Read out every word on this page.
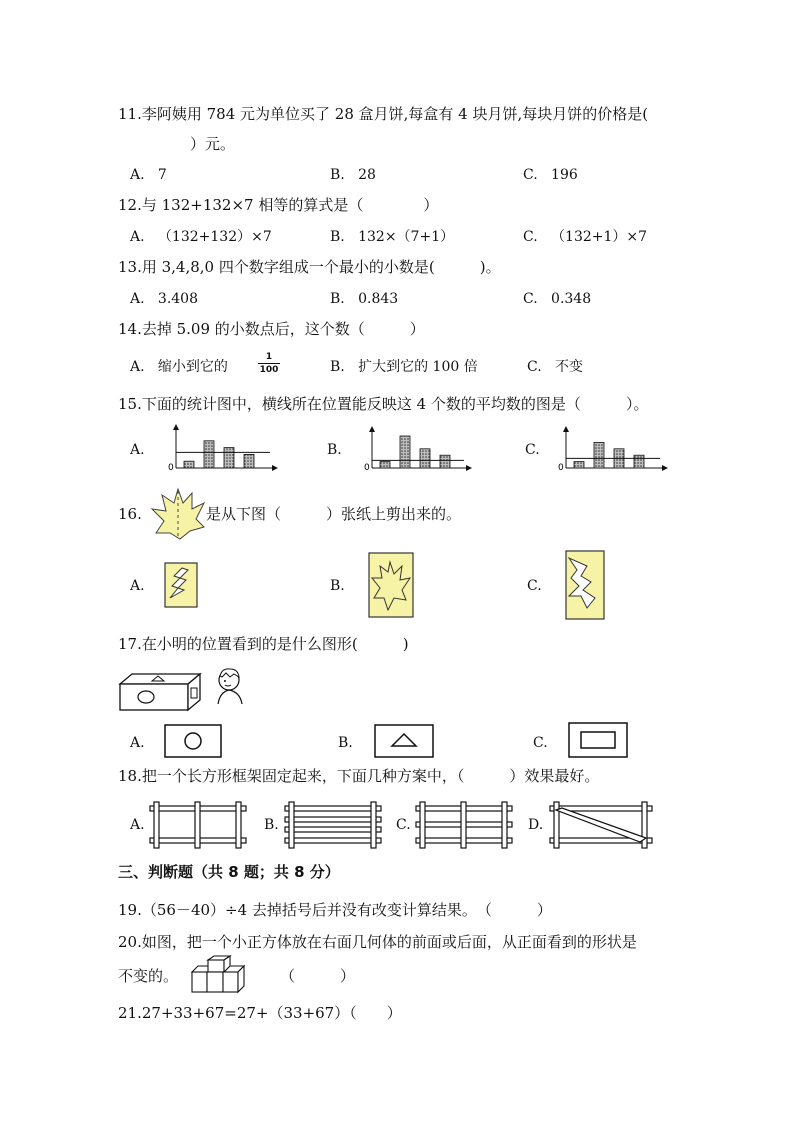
11.李阿姨用 784 元为单位买了 28 盒月饼,每盒有 4 块月饼,每块月饼的价格是(
）元。
A. 7	B. 28	C. 196
12.与 132+132×7 相等的算式是（　　　　）
A. （132+132）×7	B. 132×（7+1）	C. （132+1）×7
13.用 3,4,8,0 四个数字组成一个最小的小数是(　　　)。
A. 3.408	B. 0.843	C. 0.348
14.去掉 5.09 的小数点后，这个数（　　　）
A. 缩小到它的
1
100	B. 扩大到它的 100 倍	C. 不变
15.下面的统计图中，横线所在位置能反映这 4 个数的平均数的图是（　　　）。
A.	B.	C.
0	0	0
16.	是从下图（　　　）张纸上剪出来的。
A.	B.	C.
17.在小明的位置看到的是什么图形(　　　)
A.	B.	C.
18.把一个长方形框架固定起来，下面几种方案中，（　　　）效果最好。
A.	B.	C.	D.
三、判断题（共 8 题；共 8 分）
19.（56－40）÷4 去掉括号后并没有改变计算结果。　（　　　）
20.如图，把一个小正方体放在右面几何体的前面或后面，从正面看到的形状是
不变的。	（　　　）
21.27+33+67=27+（33+67）（　　）
